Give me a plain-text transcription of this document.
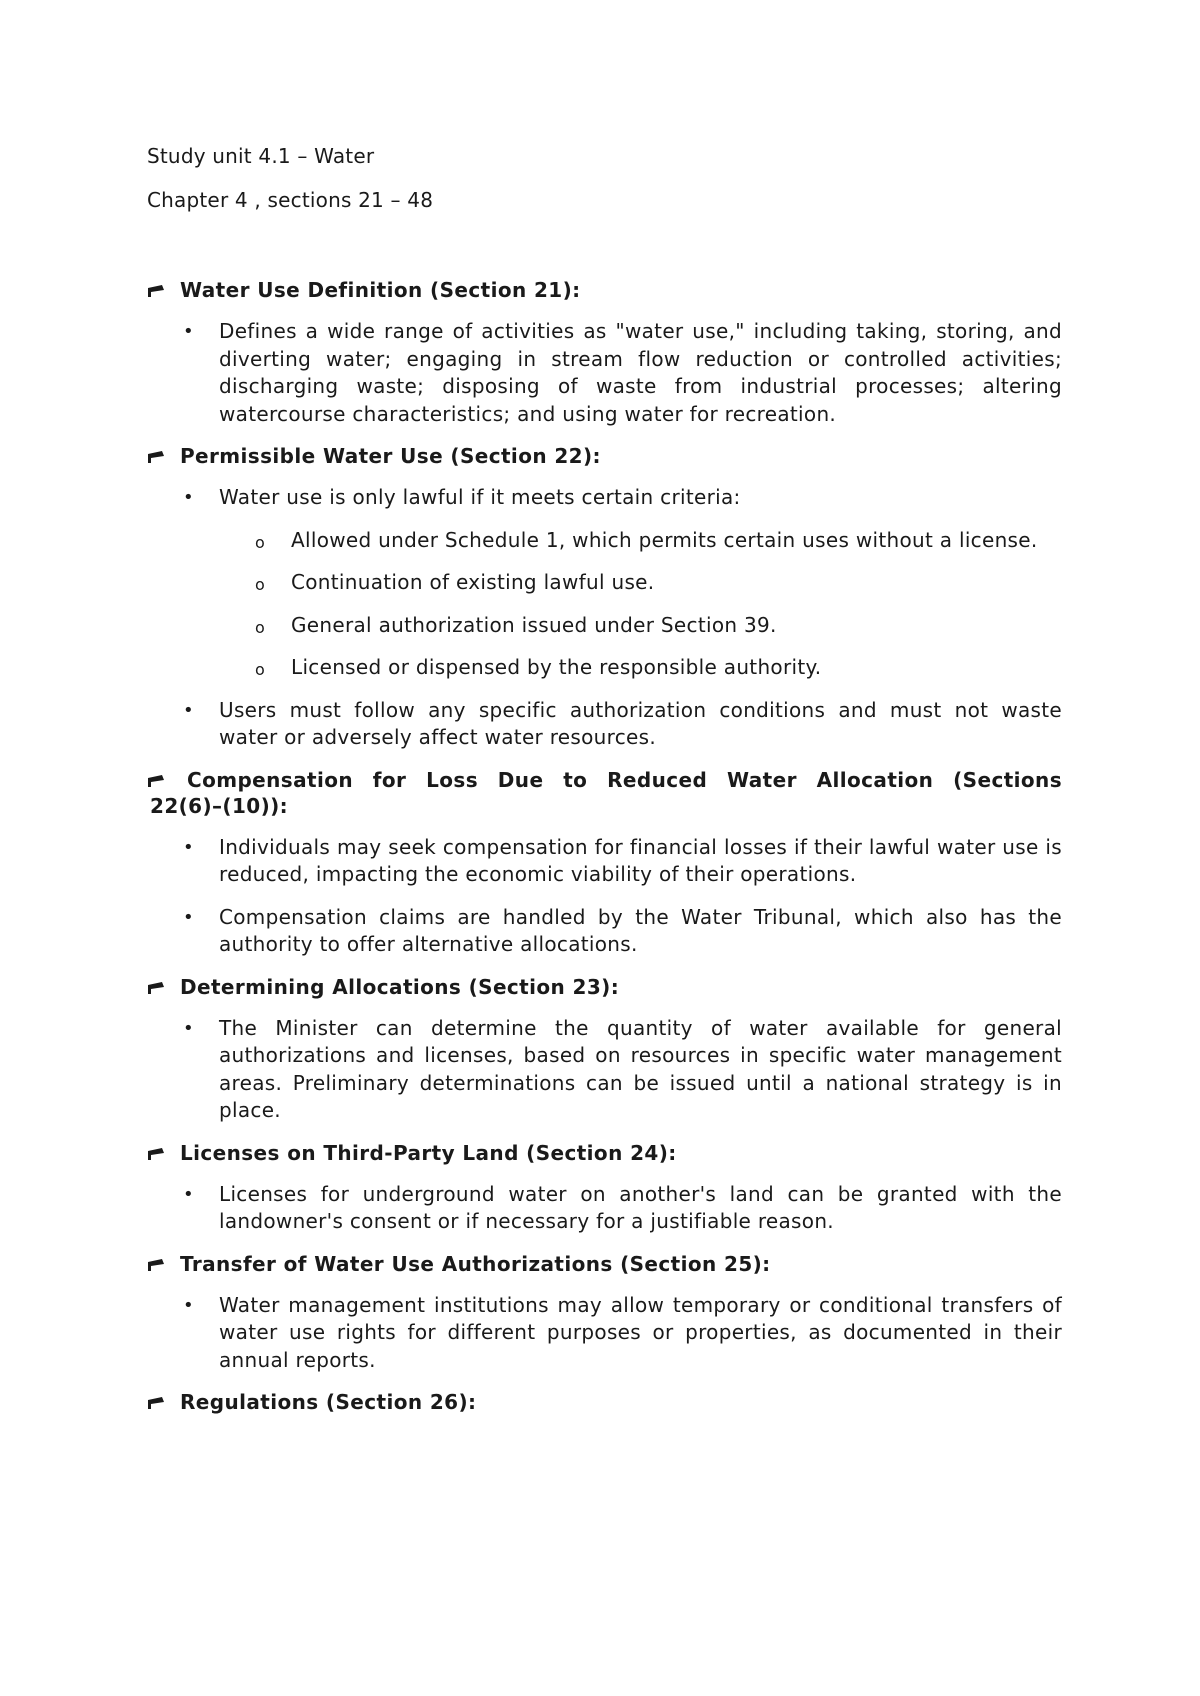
Study unit 4.1 – Water

Chapter 4 , sections 21 – 48

Water Use Definition (Section 21):
• Defines a wide range of activities as "water use," including taking, storing, and diverting water; engaging in stream flow reduction or controlled activities; discharging waste; disposing of waste from industrial processes; altering watercourse characteristics; and using water for recreation.
Permissible Water Use (Section 22):
• Water use is only lawful if it meets certain criteria:
o Allowed under Schedule 1, which permits certain uses without a license.
o Continuation of existing lawful use.
o General authorization issued under Section 39.
o Licensed or dispensed by the responsible authority.
• Users must follow any specific authorization conditions and must not waste water or adversely affect water resources.
Compensation for Loss Due to Reduced Water Allocation (Sections 22(6)–(10)):
• Individuals may seek compensation for financial losses if their lawful water use is reduced, impacting the economic viability of their operations.
• Compensation claims are handled by the Water Tribunal, which also has the authority to offer alternative allocations.
Determining Allocations (Section 23):
• The Minister can determine the quantity of water available for general authorizations and licenses, based on resources in specific water management areas. Preliminary determinations can be issued until a national strategy is in place.
Licenses on Third-Party Land (Section 24):
• Licenses for underground water on another's land can be granted with the landowner's consent or if necessary for a justifiable reason.
Transfer of Water Use Authorizations (Section 25):
• Water management institutions may allow temporary or conditional transfers of water use rights for different purposes or properties, as documented in their annual reports.
Regulations (Section 26):
